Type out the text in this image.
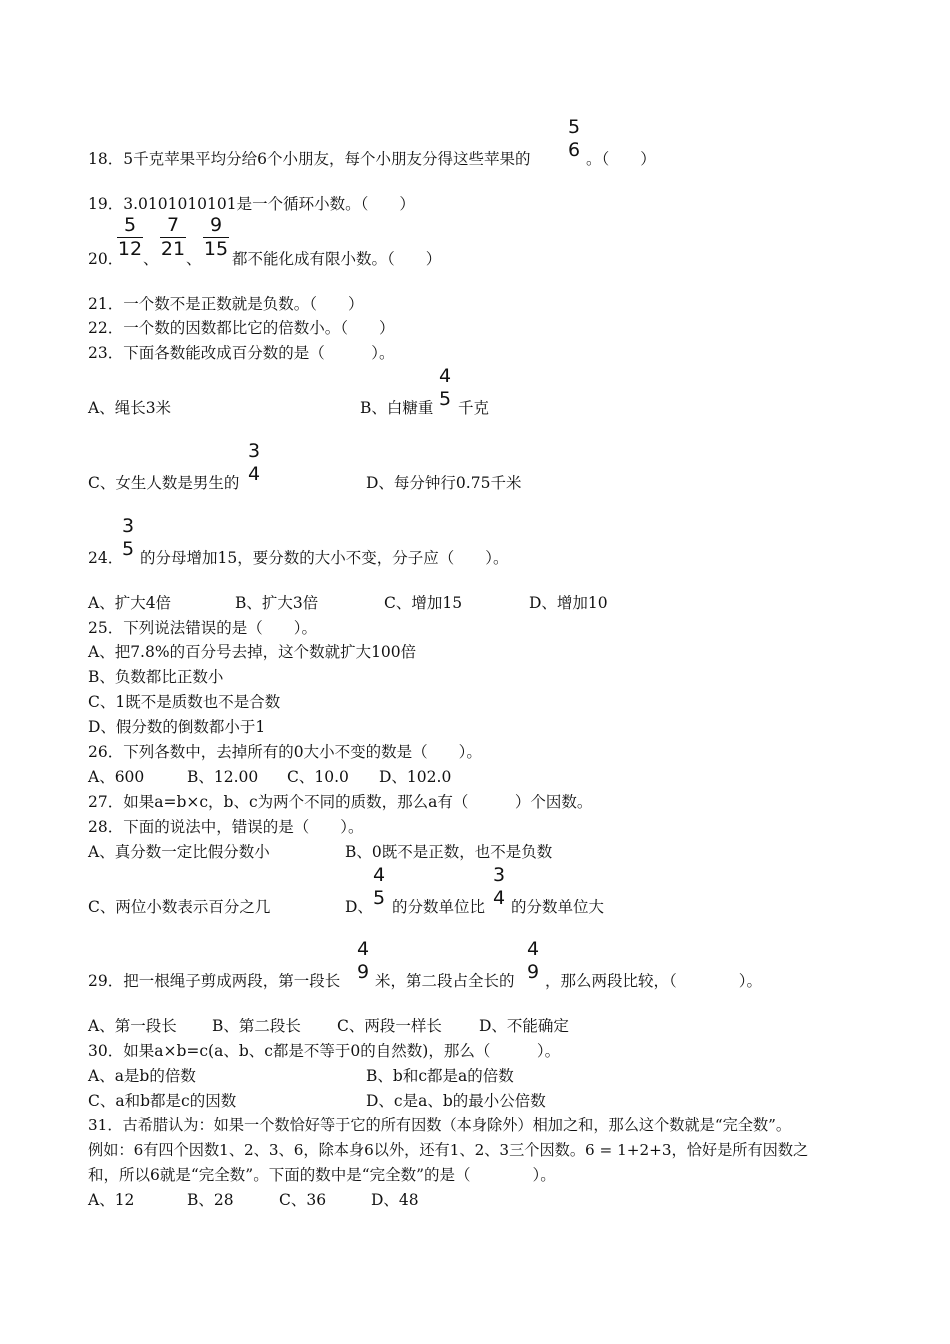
18．5千克苹果平均分给6个小朋友，每个小朋友分得这些苹果的
5
6 。（　　）
19．3.0101010101是一个循环小数。（　　）
5
12
7
21
9
15
20． 、 、 都不能化成有限小数。（　　）
21．一个数不是正数就是负数。（　　）
22．一个数的因数都比它的倍数小。（　　）
23．下面各数能改成百分数的是（　　　）。
A、绳长3米	B、白糖重
4
5 千克
C、女生人数是男生的
3
4	D、每分钟行0.75千米
24．
3
5 的分母增加15，要分数的大小不变，分子应（　　）。
A、扩大4倍	B、扩大3倍	C、增加15	D、增加10
25．下列说法错误的是（　　）。
A、把7.8%的百分号去掉，这个数就扩大100倍
B、负数都比正数小
C、1既不是质数也不是合数
D、假分数的倒数都小于1
26．下列各数中，去掉所有的0大小不变的数是（　　）。
A、600	B、12.00 C、10.0 D、102.0
27．如果a=b×c，b、c为两个不同的质数，那么a有（　　　）个因数。
28．下面的说法中，错误的是（　　）。
A、真分数一定比假分数小	B、0既不是正数，也不是负数
C、两位小数表示百分之几	D、
4
5 的分数单位比
3
4 的分数单位大
29．把一根绳子剪成两段，第一段长
4
9 米，第二段占全长的
4
9 ，那么两段比较，（　　　　）。
A、第一段长 B、第二段长 C、两段一样长 D、不能确定
30．如果a×b=c(a、b、c都是不等于0的自然数)，那么（　　　）。
A、a是b的倍数	B、b和c都是a的倍数
C、a和b都是c的因数	D、c是a、b的最小公倍数
31．古希腊认为：如果一个数恰好等于它的所有因数（本身除外）相加之和，那么这个数就是“完全数”。
例如：6有四个因数1、2、3、6，除本身6以外，还有1、2、3三个因数。6 = 1+2+3，恰好是所有因数之
和，所以6就是“完全数”。下面的数中是“完全数”的是（　　　　）。
A、12	B、28	C、36	D、48
